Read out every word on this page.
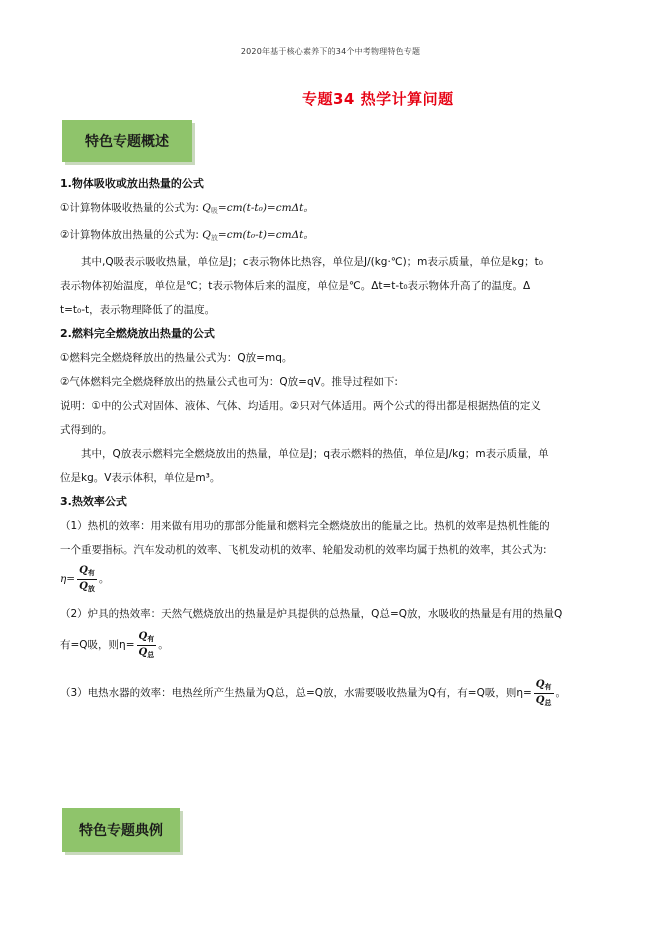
2020年基于核心素养下的34个中考物理特色专题
专题34 热学计算问题
特色专题概述
1.物体吸收或放出热量的公式
①计算物体吸收热量的公式为: $Q_吸=cm(t-t_0)=cm\Delta t$。
②计算物体放出热量的公式为: $Q_放=cm(t_0-t)=cm\Delta t$。
其中,Q吸表示吸收热量，单位是J；c表示物体比热容，单位是J/(kg·℃)；m表示质量，单位是kg；t₀
表示物体初始温度，单位是℃；t表示物体后来的温度，单位是℃。Δt=t-t₀表示物体升高了的温度。Δ
t=t₀-t，表示物理降低了的温度。
2.燃料完全燃烧放出热量的公式
①燃料完全燃烧释放出的热量公式为：Q放=mq。
②气体燃料完全燃烧释放出的热量公式也可为：Q放=qV。推导过程如下:
说明：①中的公式对固体、液体、气体、均适用。②只对气体适用。两个公式的得出都是根据热值的定义
式得到的。
其中，Q放表示燃料完全燃烧放出的热量，单位是J；q表示燃料的热值，单位是J/kg；m表示质量，单
位是kg。V表示体积，单位是m³。
3.热效率公式
（1）热机的效率：用来做有用功的那部分能量和燃料完全燃烧放出的能量之比。热机的效率是热机性能的
一个重要指标。汽车发动机的效率、飞机发动机的效率、轮船发动机的效率均属于热机的效率，其公式为:
$\eta= \frac{Q_有}{Q_放}$ 。
（2）炉具的热效率：天然气燃烧放出的热量是炉具提供的总热量，Q总=Q放，水吸收的热量是有用的热量Q
有=Q吸，则$\eta= \frac{Q_有}{Q_总}$ 。
（3）电热水器的效率：电热丝所产生热量为Q总，总=Q放，水需要吸收热量为Q有，有=Q吸，则$\eta= \frac{Q_有}{Q_总}$ 。
特色专题典例
